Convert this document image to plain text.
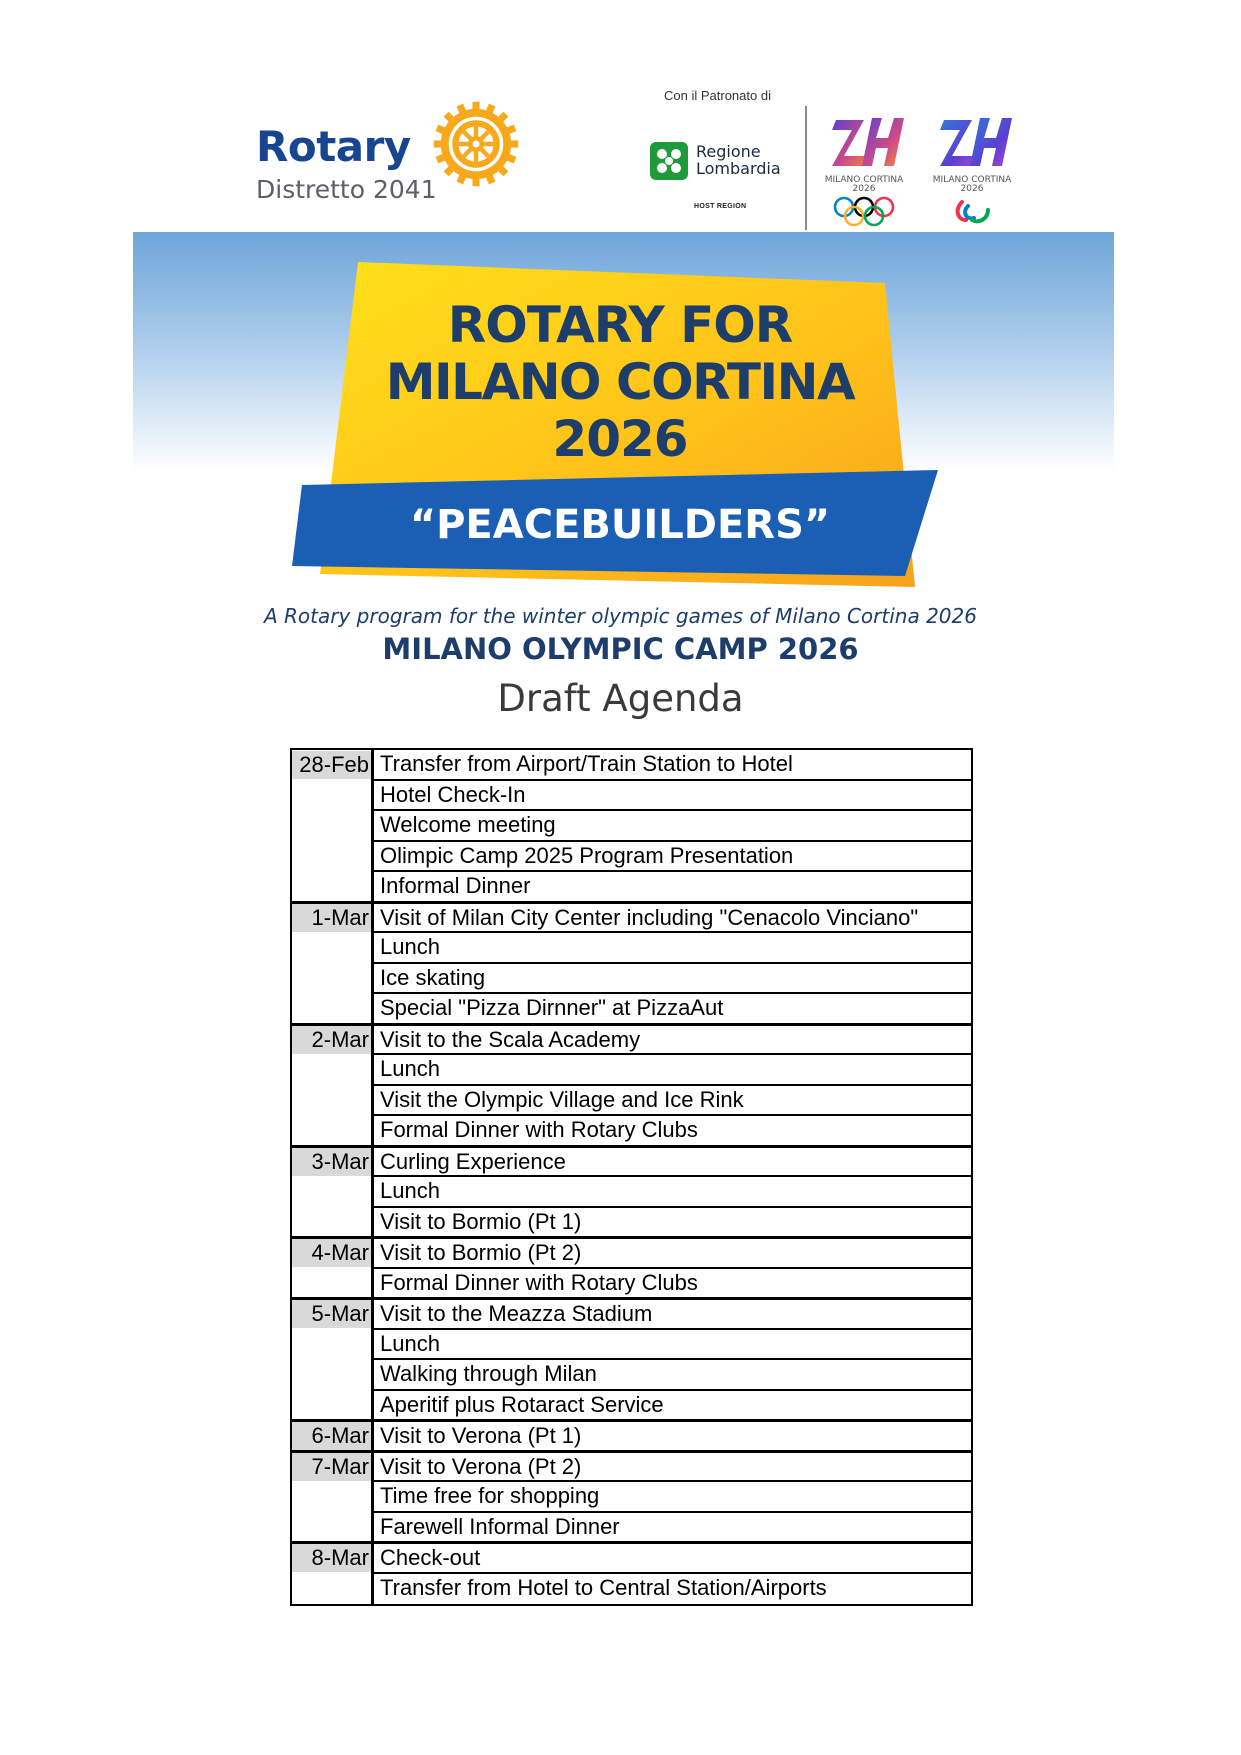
Rotary
Distretto 2041
Con il Patronato di
Regione
Lombardia
HOST REGION
MILANO CORTINA
2026
MILANO CORTINA
2026
ROTARY FOR
MILANO CORTINA
2026
“PEACEBUILDERS”
A Rotary program for the winter olympic games of Milano Cortina 2026
MILANO OLYMPIC CAMP 2026
Draft Agenda
28-Feb Transfer from Airport/Train Station to Hotel
Hotel Check-In
Welcome meeting
Olimpic Camp 2025 Program Presentation
Informal Dinner
1-Mar Visit of Milan City Center including "Cenacolo Vinciano"
Lunch
Ice skating
Special "Pizza Dirnner" at PizzaAut
2-Mar Visit to the Scala Academy
Lunch
Visit the Olympic Village and Ice Rink
Formal Dinner with Rotary Clubs
3-Mar Curling Experience
Lunch
Visit to Bormio (Pt 1)
4-Mar Visit to Bormio (Pt 2)
Formal Dinner with Rotary Clubs
5-Mar Visit to the Meazza Stadium
Lunch
Walking through Milan
Aperitif plus Rotaract Service
6-Mar Visit to Verona (Pt 1)
7-Mar Visit to Verona (Pt 2)
Time free for shopping
Farewell Informal Dinner
8-Mar Check-out
Transfer from Hotel to Central Station/Airports
